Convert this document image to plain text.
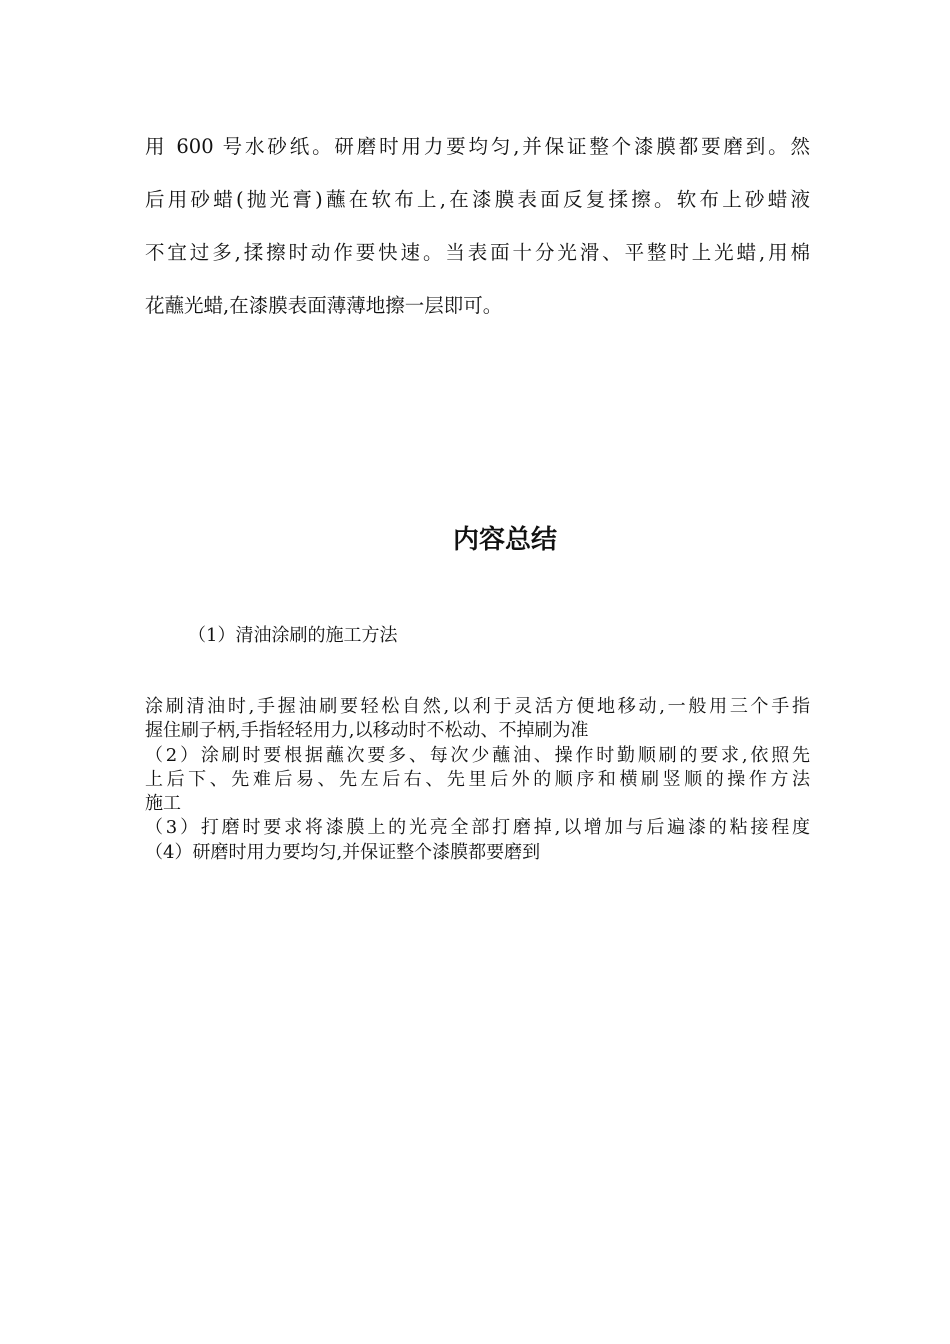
用 600 号水砂纸。研磨时用力要均匀,并保证整个漆膜都要磨到。然
后用砂蜡(抛光膏)蘸在软布上,在漆膜表面反复揉擦。软布上砂蜡液
不宜过多,揉擦时动作要快速。当表面十分光滑、平整时上光蜡,用棉
花蘸光蜡,在漆膜表面薄薄地擦一层即可。
内容总结
（1）清油涂刷的施工方法
涂刷清油时,手握油刷要轻松自然,以利于灵活方便地移动,一般用三个手指
握住刷子柄,手指轻轻用力,以移动时不松动、不掉刷为准
（2）涂刷时要根据蘸次要多、每次少蘸油、操作时勤顺刷的要求,依照先
上后下、先难后易、先左后右、先里后外的顺序和横刷竖顺的操作方法
施工
（3）打磨时要求将漆膜上的光亮全部打磨掉,以增加与后遍漆的粘接程度
（4）研磨时用力要均匀,并保证整个漆膜都要磨到
